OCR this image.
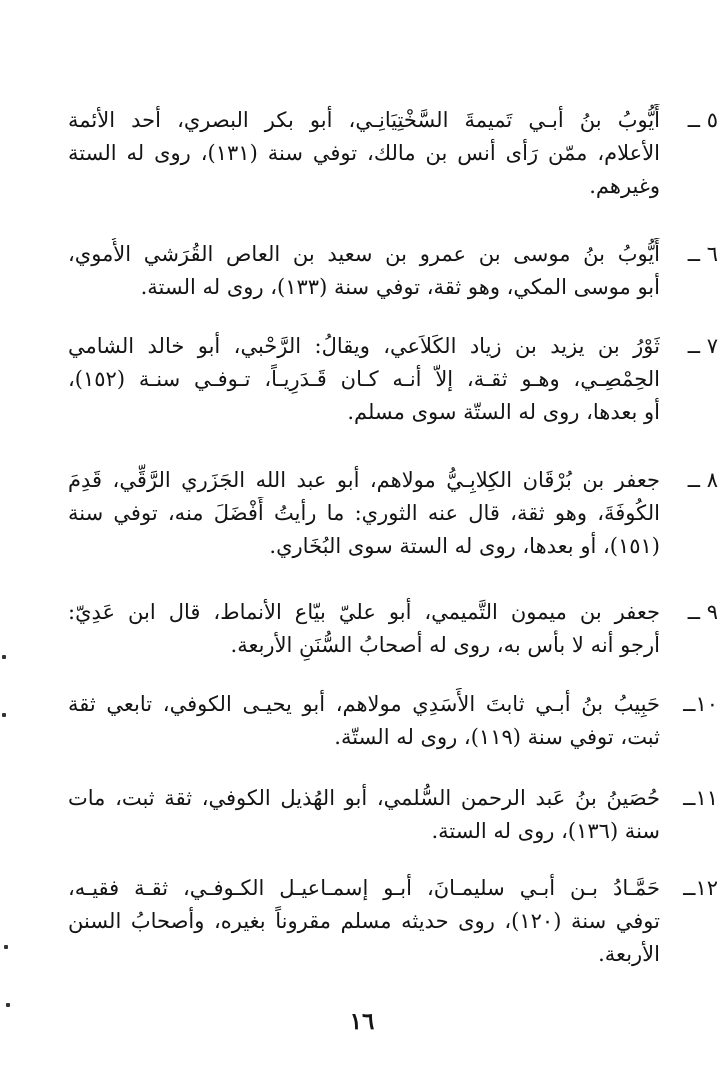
٥ ــ
أَيُّوبُ بنُ أبـي تَميمةَ السَّخْتِيَانِـي، أبو بكر البصري، أحد الأئمة
الأعلام، ممّن رَأى أنس بن مالك، توفي سنة (١٣١)، روى له الستة
وغيرهم.
٦ ــ
أَيُّوبُ بنُ موسى بن عمرو بن سعيد بن العاص القُرَشي الأُموي،
أبو موسى المكي، وهو ثقة، توفي سنة (١٣٣)، روى له الستة.
٧ ــ
ثَوْرُ بن يزيد بن زياد الكَلاَعي، ويقالُ: الرَّحْبي، أبو خالد الشامي
الحِمْصِـي، وهـو ثقـة، إلاّ أنـه كـان قَـدَرِيـاً، تـوفـي سنـة (١٥٢)،
أو بعدها، روى له الستّة سوى مسلم.
٨ ــ
جعفر بن بُرْقَان الكِلابِـيُّ مولاهم، أبو عبد الله الجَزَري الرَّقِّي، قَدِمَ
الكُوفَةَ، وهو ثقة، قال عنه الثوري: ما رأيتُ أَفْضَلَ منه، توفي سنة
(١٥١)، أو بعدها، روى له الستة سوى البُخَاري.
٩ ــ
جعفر بن ميمون التَّميمي، أبو عليّ بيّاع الأنماط، قال ابن عَدِيّ:
أرجو أنه لا بأس به، روى له أصحابُ السُّنَنِ الأربعة.
١٠ــ
حَبِيبُ بنُ أبـي ثابتَ الأَسَدِي مولاهم، أبو يحيـى الكوفي، تابعي ثقة
ثبت، توفي سنة (١١٩)، روى له الستّة.
١١ــ
حُصَينُ بنُ عَبد الرحمن السُّلمي، أبو الهُذيل الكوفي، ثقة ثبت، مات
سنة (١٣٦)، روى له الستة.
١٢ــ
حَمَّـادُ بـن أبـي سليمـانَ، أبـو إسمـاعيـل الكـوفـي، ثقـة فقيـه،
توفي سنة (١٢٠)، روى حديثه مسلم مقروناً بغيره، وأصحابُ السنن
الأربعة.
١٦
